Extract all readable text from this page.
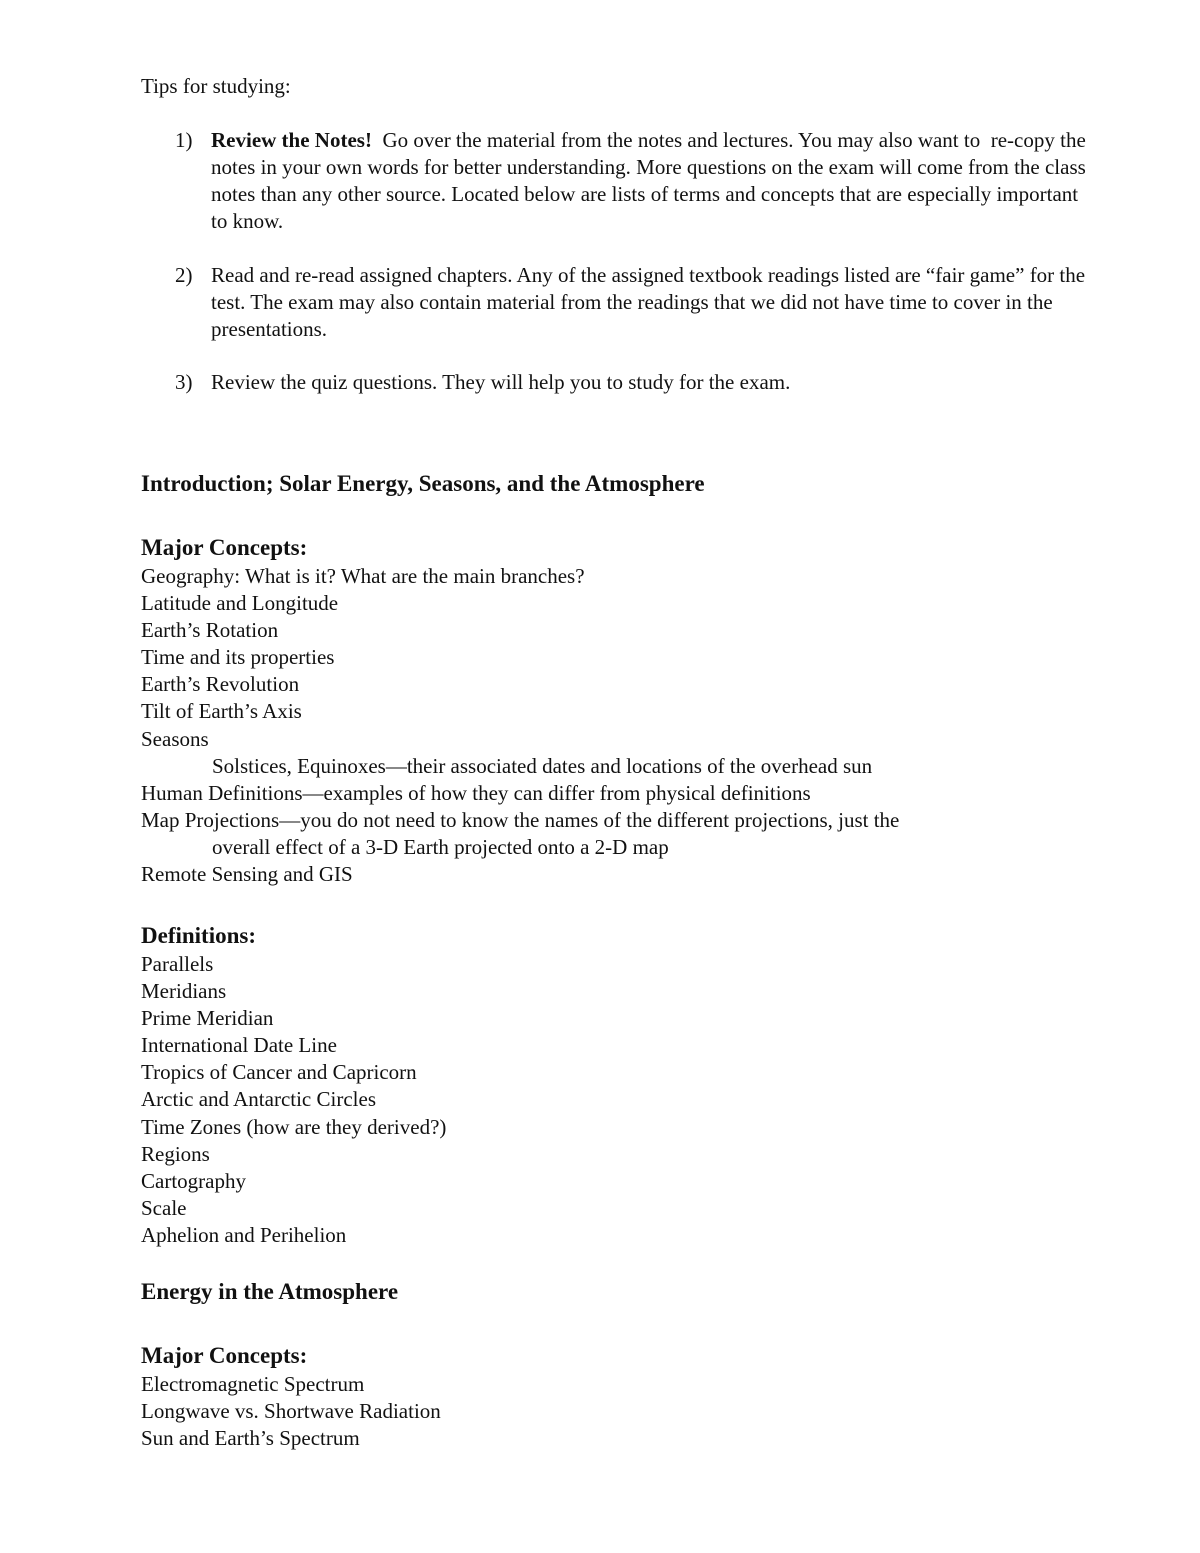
Tips for studying:
1) Review the Notes!  Go over the material from the notes and lectures. You may also want to  re-copy the notes in your own words for better understanding. More questions on the exam will come from the class notes than any other source. Located below are lists of terms and concepts that are especially important to know.
2) Read and re-read assigned chapters. Any of the assigned textbook readings listed are “fair game” for the test. The exam may also contain material from the readings that we did not have time to cover in the presentations.
3) Review the quiz questions. They will help you to study for the exam.
Introduction; Solar Energy, Seasons, and the Atmosphere
Major Concepts:
Geography: What is it? What are the main branches?
Latitude and Longitude
Earth’s Rotation
Time and its properties
Earth’s Revolution
Tilt of Earth’s Axis
Seasons
Solstices, Equinoxes—their associated dates and locations of the overhead sun
Human Definitions—examples of how they can differ from physical definitions
Map Projections—you do not need to know the names of the different projections, just the
overall effect of a 3-D Earth projected onto a 2-D map
Remote Sensing and GIS
Definitions:
Parallels
Meridians
Prime Meridian
International Date Line
Tropics of Cancer and Capricorn
Arctic and Antarctic Circles
Time Zones (how are they derived?)
Regions
Cartography
Scale
Aphelion and Perihelion
Energy in the Atmosphere
Major Concepts:
Electromagnetic Spectrum
Longwave vs. Shortwave Radiation
Sun and Earth’s Spectrum
